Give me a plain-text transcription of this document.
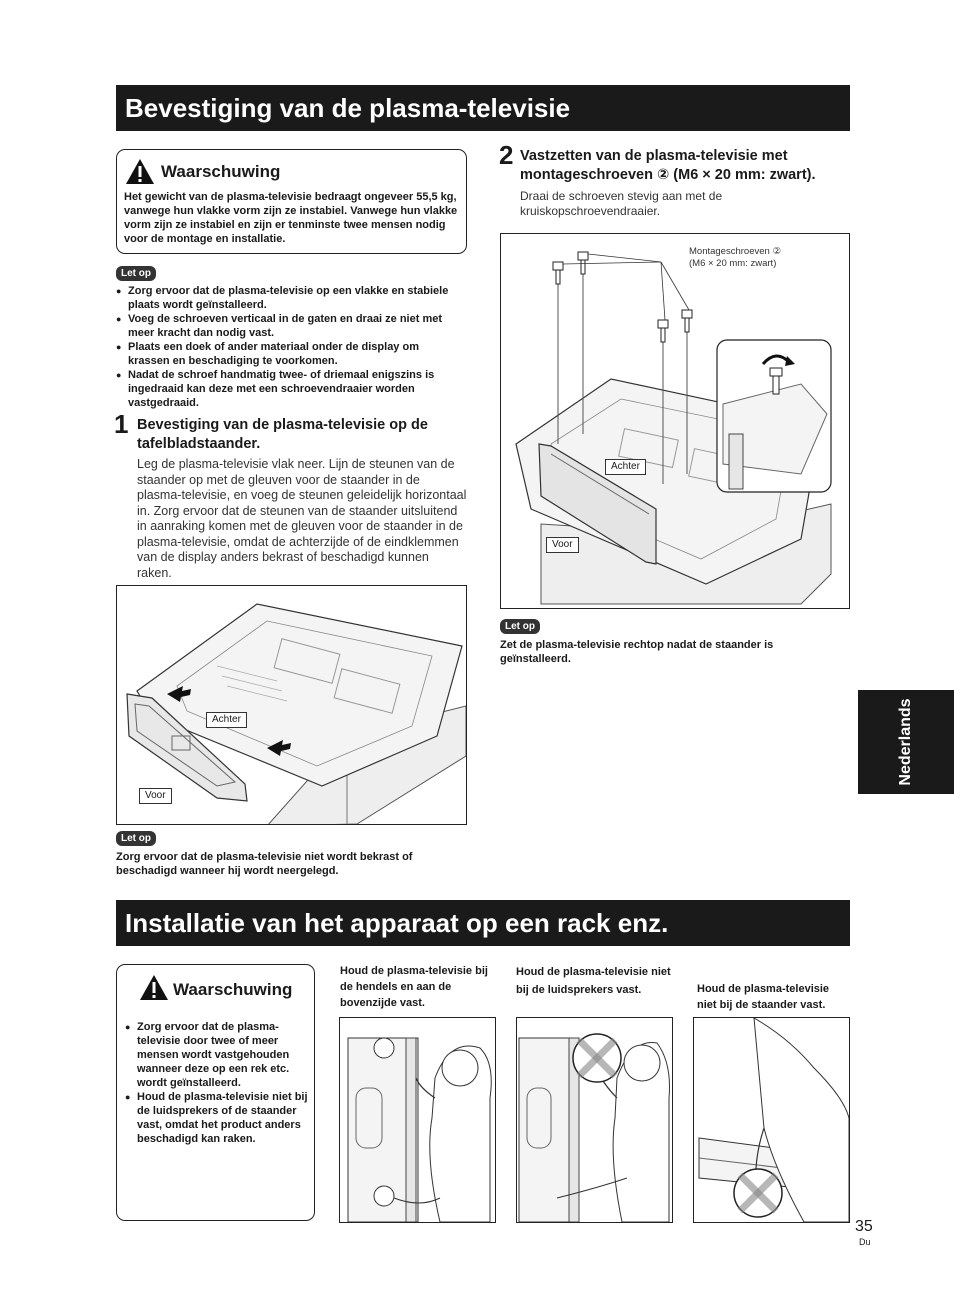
Bevestiging van de plasma-televisie
Waarschuwing
Het gewicht van de plasma-televisie bedraagt ongeveer 55,5 kg, vanwege hun vlakke vorm zijn ze instabiel. Vanwege hun vlakke vorm zijn ze instabiel en zijn er tenminste twee mensen nodig voor de montage en installatie.
Let op
● Zorg ervoor dat de plasma-televisie op een vlakke en stabiele plaats wordt geïnstalleerd.
● Voeg de schroeven verticaal in de gaten en draai ze niet met meer kracht dan nodig vast.
● Plaats een doek of ander materiaal onder de display om krassen en beschadiging te voorkomen.
● Nadat de schroef handmatig twee- of driemaal enigszins is ingedraaid kan deze met een schroevendraaier worden vastgedraaid.
1 Bevestiging van de plasma-televisie op de tafelbladstaander.
Leg de plasma-televisie vlak neer. Lijn de steunen van de staander op met de gleuven voor de staander in de plasma-televisie, en voeg de steunen geleidelijk horizontaal in. Zorg ervoor dat de steunen van de staander uitsluitend in aanraking komen met de gleuven voor de staander in de plasma-televisie, omdat de achterzijde of de eindklemmen van de display anders bekrast of beschadigd kunnen raken.
Achter
Voor
Let op
Zorg ervoor dat de plasma-televisie niet wordt bekrast of beschadigd wanneer hij wordt neergelegd.
2 Vastzetten van de plasma-televisie met montageschroeven ② (M6 × 20 mm: zwart).
Draai de schroeven stevig aan met de kruiskopschroevendraaier.
Montageschroeven ②
(M6 × 20 mm: zwart)
Achter
Voor
Let op
Zet de plasma-televisie rechtop nadat de staander is geïnstalleerd.
Nederlands
Installatie van het apparaat op een rack enz.
Waarschuwing
● Zorg ervoor dat de plasma-televisie door twee of meer mensen wordt vastgehouden wanneer deze op een rek etc. wordt geïnstalleerd.
● Houd de plasma-televisie niet bij de luidsprekers of de staander vast, omdat het product anders beschadigd kan raken.
Houd de plasma-televisie bij de hendels en aan de bovenzijde vast.
Houd de plasma-televisie niet bij de luidsprekers vast.	Houd de plasma-televisie niet bij de staander vast.
35
Du
